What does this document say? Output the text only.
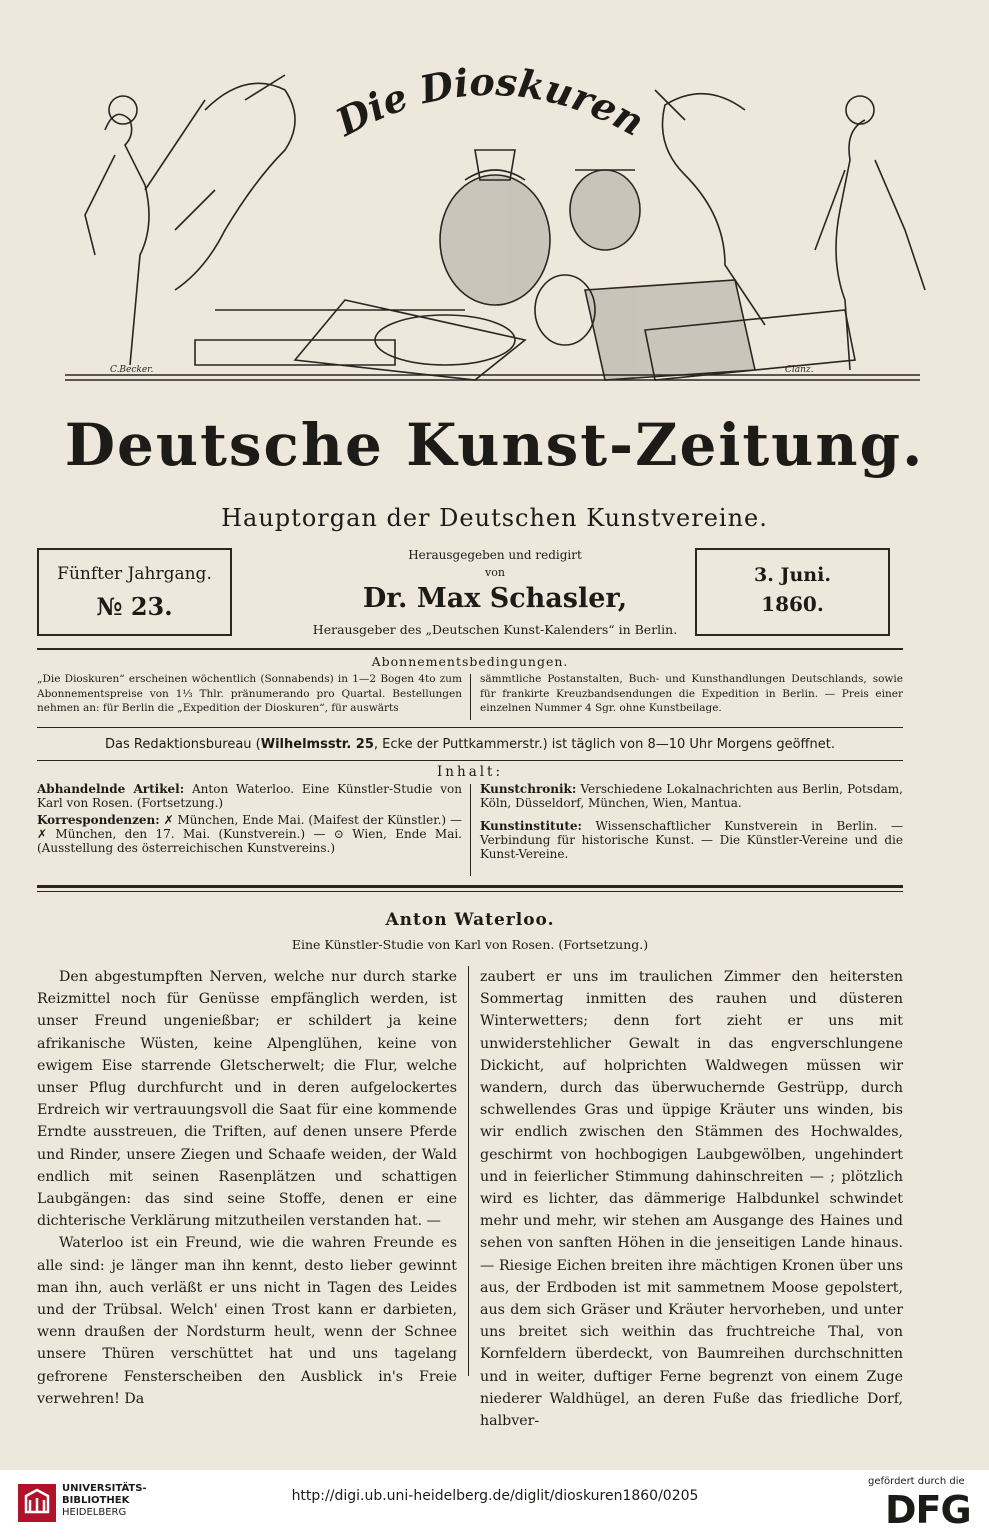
C.Becker.	Clanz.
Die Dioskuren
Deutsche Kunst-Zeitung.
Hauptorgan der Deutschen Kunstvereine.
Fünfter Jahrgang.
№ 23.
Herausgegeben und redigirt
von
Dr. Max Schasler,
Herausgeber des „Deutschen Kunst-Kalenders“ in Berlin.
3. Juni.
1860.
Abonnementsbedingungen.
„Die Dioskuren“ erscheinen wöchentlich (Sonnabends) in 1—2 Bogen 4to zum Abonnementspreise von 1⅓ Thlr. pränumerando pro Quartal. Bestellungen nehmen an: für Berlin die „Expedition der Dioskuren“, für auswärts
sämmtliche Postanstalten, Buch- und Kunsthandlungen Deutschlands, sowie für frankirte Kreuzbandsendungen die Expedition in Berlin. — Preis einer einzelnen Nummer 4 Sgr. ohne Kunstbeilage.
Das Redaktionsbureau (Wilhelmsstr. 25, Ecke der Puttkammerstr.) ist täglich von 8—10 Uhr Morgens geöffnet.
Inhalt:
Abhandelnde Artikel: Anton Waterloo. Eine Künstler-Studie von Karl von Rosen. (Fortsetzung.)
Korrespondenzen: ✗ München, Ende Mai. (Maifest der Künstler.) — ✗ München, den 17. Mai. (Kunstverein.) — ⊙ Wien, Ende Mai. (Ausstellung des österreichischen Kunstvereins.)
Kunstchronik: Verschiedene Lokalnachrichten aus Berlin, Potsdam, Köln, Düsseldorf, München, Wien, Mantua.
Kunstinstitute: Wissenschaftlicher Kunstverein in Berlin. — Verbindung für historische Kunst. — Die Künstler-Vereine und die Kunst-Vereine.
Anton Waterloo.
Eine Künstler-Studie von Karl von Rosen. (Fortsetzung.)

Den abgestumpften Nerven, welche nur durch starke Reizmittel noch für Genüsse empfänglich werden, ist unser Freund ungenießbar; er schildert ja keine afrikanische Wüsten, keine Alpenglühen, keine von ewigem Eise starrende Gletscherwelt; die Flur, welche unser Pflug durchfurcht und in deren aufgelockertes Erdreich wir vertrauungsvoll die Saat für eine kommende Erndte ausstreuen, die Triften, auf denen unsere Pferde und Rinder, unsere Ziegen und Schaafe weiden, der Wald endlich mit seinen Rasenplätzen und schattigen Laubgängen: das sind seine Stoffe, denen er eine dichterische Verklärung mitzutheilen verstanden hat. —

Waterloo ist ein Freund, wie die wahren Freunde es alle sind: je länger man ihn kennt, desto lieber gewinnt man ihn, auch verläßt er uns nicht in Tagen des Leides und der Trübsal. Welch' einen Trost kann er darbieten, wenn draußen der Nordsturm heult, wenn der Schnee unsere Thüren verschüttet hat und uns tagelang gefrorene Fensterscheiben den Ausblick in's Freie verwehren! Da

zaubert er uns im traulichen Zimmer den heitersten Sommertag inmitten des rauhen und düsteren Winterwetters; denn fort zieht er uns mit unwiderstehlicher Gewalt in das engverschlungene Dickicht, auf holprichten Waldwegen müssen wir wandern, durch das überwuchernde Gestrüpp, durch schwellendes Gras und üppige Kräuter uns winden, bis wir endlich zwischen den Stämmen des Hochwaldes, geschirmt von hochbogigen Laubgewölben, ungehindert und in feierlicher Stimmung dahinschreiten — ; plötzlich wird es lichter, das dämmerige Halbdunkel schwindet mehr und mehr, wir stehen am Ausgange des Haines und sehen von sanften Höhen in die jenseitigen Lande hinaus. — Riesige Eichen breiten ihre mächtigen Kronen über uns aus, der Erdboden ist mit sammetnem Moose gepolstert, aus dem sich Gräser und Kräuter hervorheben, und unter uns breitet sich weithin das fruchtreiche Thal, von Kornfeldern überdeckt, von Baumreihen durchschnitten und in weiter, duftiger Ferne begrenzt von einem Zuge niederer Waldhügel, an deren Fuße das friedliche Dorf, halbver-

UNIVERSITÄTS-
BIBLIOTHEK
HEIDELBERG
http://digi.ub.uni-heidelberg.de/diglit/dioskuren1860/0205
gefördert durch die
DFG
